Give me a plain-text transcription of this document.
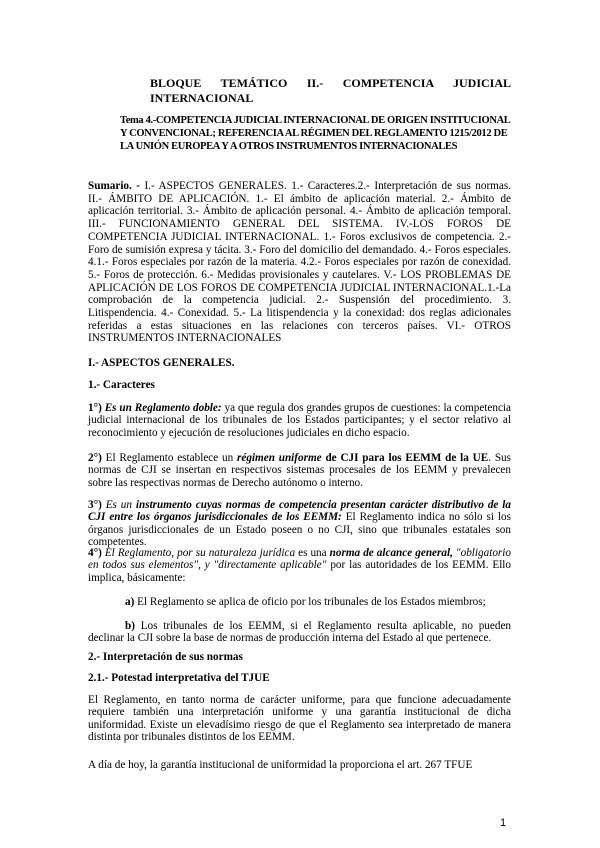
BLOQUE TEMÁTICO II.- COMPETENCIA JUDICIAL
INTERNACIONAL

Tema 4.-COMPETENCIA JUDICIAL INTERNACIONAL DE ORIGEN INSTITUCIONAL Y CONVENCIONAL; REFERENCIA AL RÉGIMEN DEL REGLAMENTO 1215/2012 DE LA UNIÓN EUROPEA Y A OTROS INSTRUMENTOS INTERNACIONALES

Sumario. - I.- ASPECTOS GENERALES. 1.- Caracteres.2.- Interpretación de sus normas. II.- ÁMBITO DE APLICACIÓN. 1.- El ámbito de aplicación material. 2.- Ámbito de aplicación territorial. 3.- Ámbito de aplicación personal. 4.- Ámbito de aplicación temporal. III.- FUNCIONAMIENTO GENERAL DEL SISTEMA. IV.-LOS FOROS DE COMPETENCIA JUDICIAL INTERNACIONAL. 1.- Foros exclusivos de competencia. 2.- Foro de sumisión expresa y tácita. 3.- Foro del domicilio del demandado. 4.- Foros especiales. 4.1.- Foros especiales por razón de la materia. 4.2.- Foros especiales por razón de conexidad. 5.- Foros de protección. 6.- Medidas provisionales y cautelares. V.- LOS PROBLEMAS DE APLICACIÓN DE LOS FOROS DE COMPETENCIA JUDICIAL INTERNACIONAL.1.-La comprobación de la competencia judicial. 2.- Suspensión del procedimiento. 3. Litispendencia. 4.- Conexidad. 5.- La litispendencia y la conexidad: dos reglas adicionales referidas a estas situaciones en las relaciones con terceros países. VI.- OTROS INSTRUMENTOS INTERNACIONALES

I.- ASPECTOS GENERALES.

1.- Caracteres

1°) Es un Reglamento doble: ya que regula dos grandes grupos de cuestiones: la competencia judicial internacional de los tribunales de los Estados participantes; y el sector relativo al reconocimiento y ejecución de resoluciones judiciales en dicho espacio.

2°) El Reglamento establece un régimen uniforme de CJI para los EEMM de la UE. Sus normas de CJI se insertan en respectivos sistemas procesales de los EEMM y prevalecen sobre las respectivas normas de Derecho autónomo o interno.

3°) Es un instrumento cuyas normas de competencia presentan carácter distributivo de la CJI entre los órganos jurisdiccionales de los EEMM: El Reglamento indica no sólo si los órganos jurisdiccionales de un Estado poseen o no CJI, sino que tribunales estatales son competentes.

4°) El Reglamento, por su naturaleza jurídica es una norma de alcance general, "obligatorio en todos sus elementos", y "directamente aplicable" por las autoridades de los EEMM. Ello implica, básicamente:

a) El Reglamento se aplica de oficio por los tribunales de los Estados miembros;

b) Los tribunales de los EEMM, si el Reglamento resulta aplicable, no pueden declinar la CJI sobre la base de normas de producción interna del Estado al que pertenece.

2.- Interpretación de sus normas

2.1.- Potestad interpretativa del TJUE

El Reglamento, en tanto norma de carácter uniforme, para que funcione adecuadamente requiere también una interpretación uniforme y una garantía institucional de dicha uniformidad. Existe un elevadísimo riesgo de que el Reglamento sea interpretado de manera distinta por tribunales distintos de los EEMM.

A día de hoy, la garantía institucional de uniformidad la proporciona el art. 267 TFUE

1
